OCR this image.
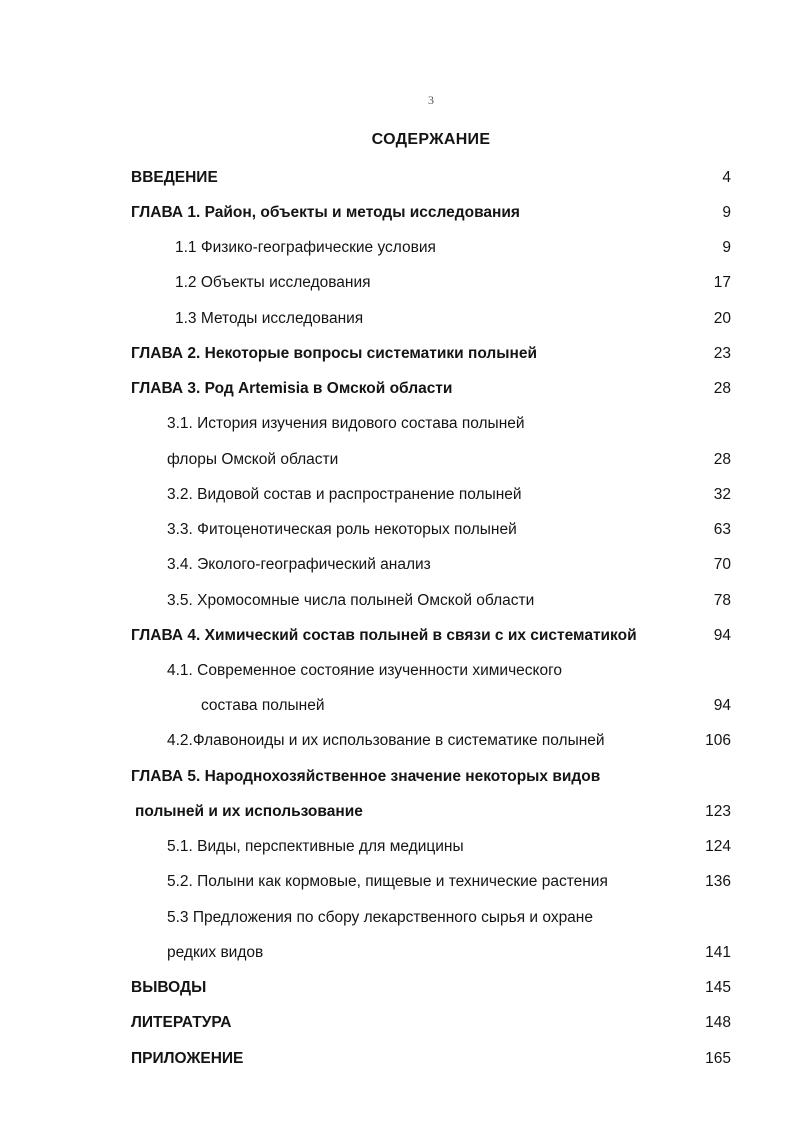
3
СОДЕРЖАНИЕ
ВВЕДЕНИЕ	4
ГЛАВА 1. Район, объекты и методы исследования	9
1.1 Физико-географические условия	9
1.2 Объекты исследования	17
1.3 Методы исследования	20
ГЛАВА 2. Некоторые вопросы систематики полыней	23
ГЛАВА 3. Род Artemisia в Омской области	28
3.1. История изучения видового состава полыней
флоры Омской области	28
3.2. Видовой состав и распространение полыней	32
3.3. Фитоценотическая роль некоторых полыней	63
3.4. Эколого-географический анализ	70
3.5. Хромосомные числа полыней Омской области	78
ГЛАВА 4. Химический состав полыней в связи с их систематикой	94
4.1. Современное состояние изученности химического
состава полыней	94
4.2.Флавоноиды и их использование в систематике полыней	106
ГЛАВА 5. Народнохозяйственное значение некоторых видов
полыней и их использование	123
5.1. Виды, перспективные для медицины	124
5.2. Полыни как кормовые, пищевые и технические растения	136
5.3 Предложения по сбору лекарственного сырья и охране
редких видов	141
ВЫВОДЫ	145
ЛИТЕРАТУРА	148
ПРИЛОЖЕНИЕ	165
